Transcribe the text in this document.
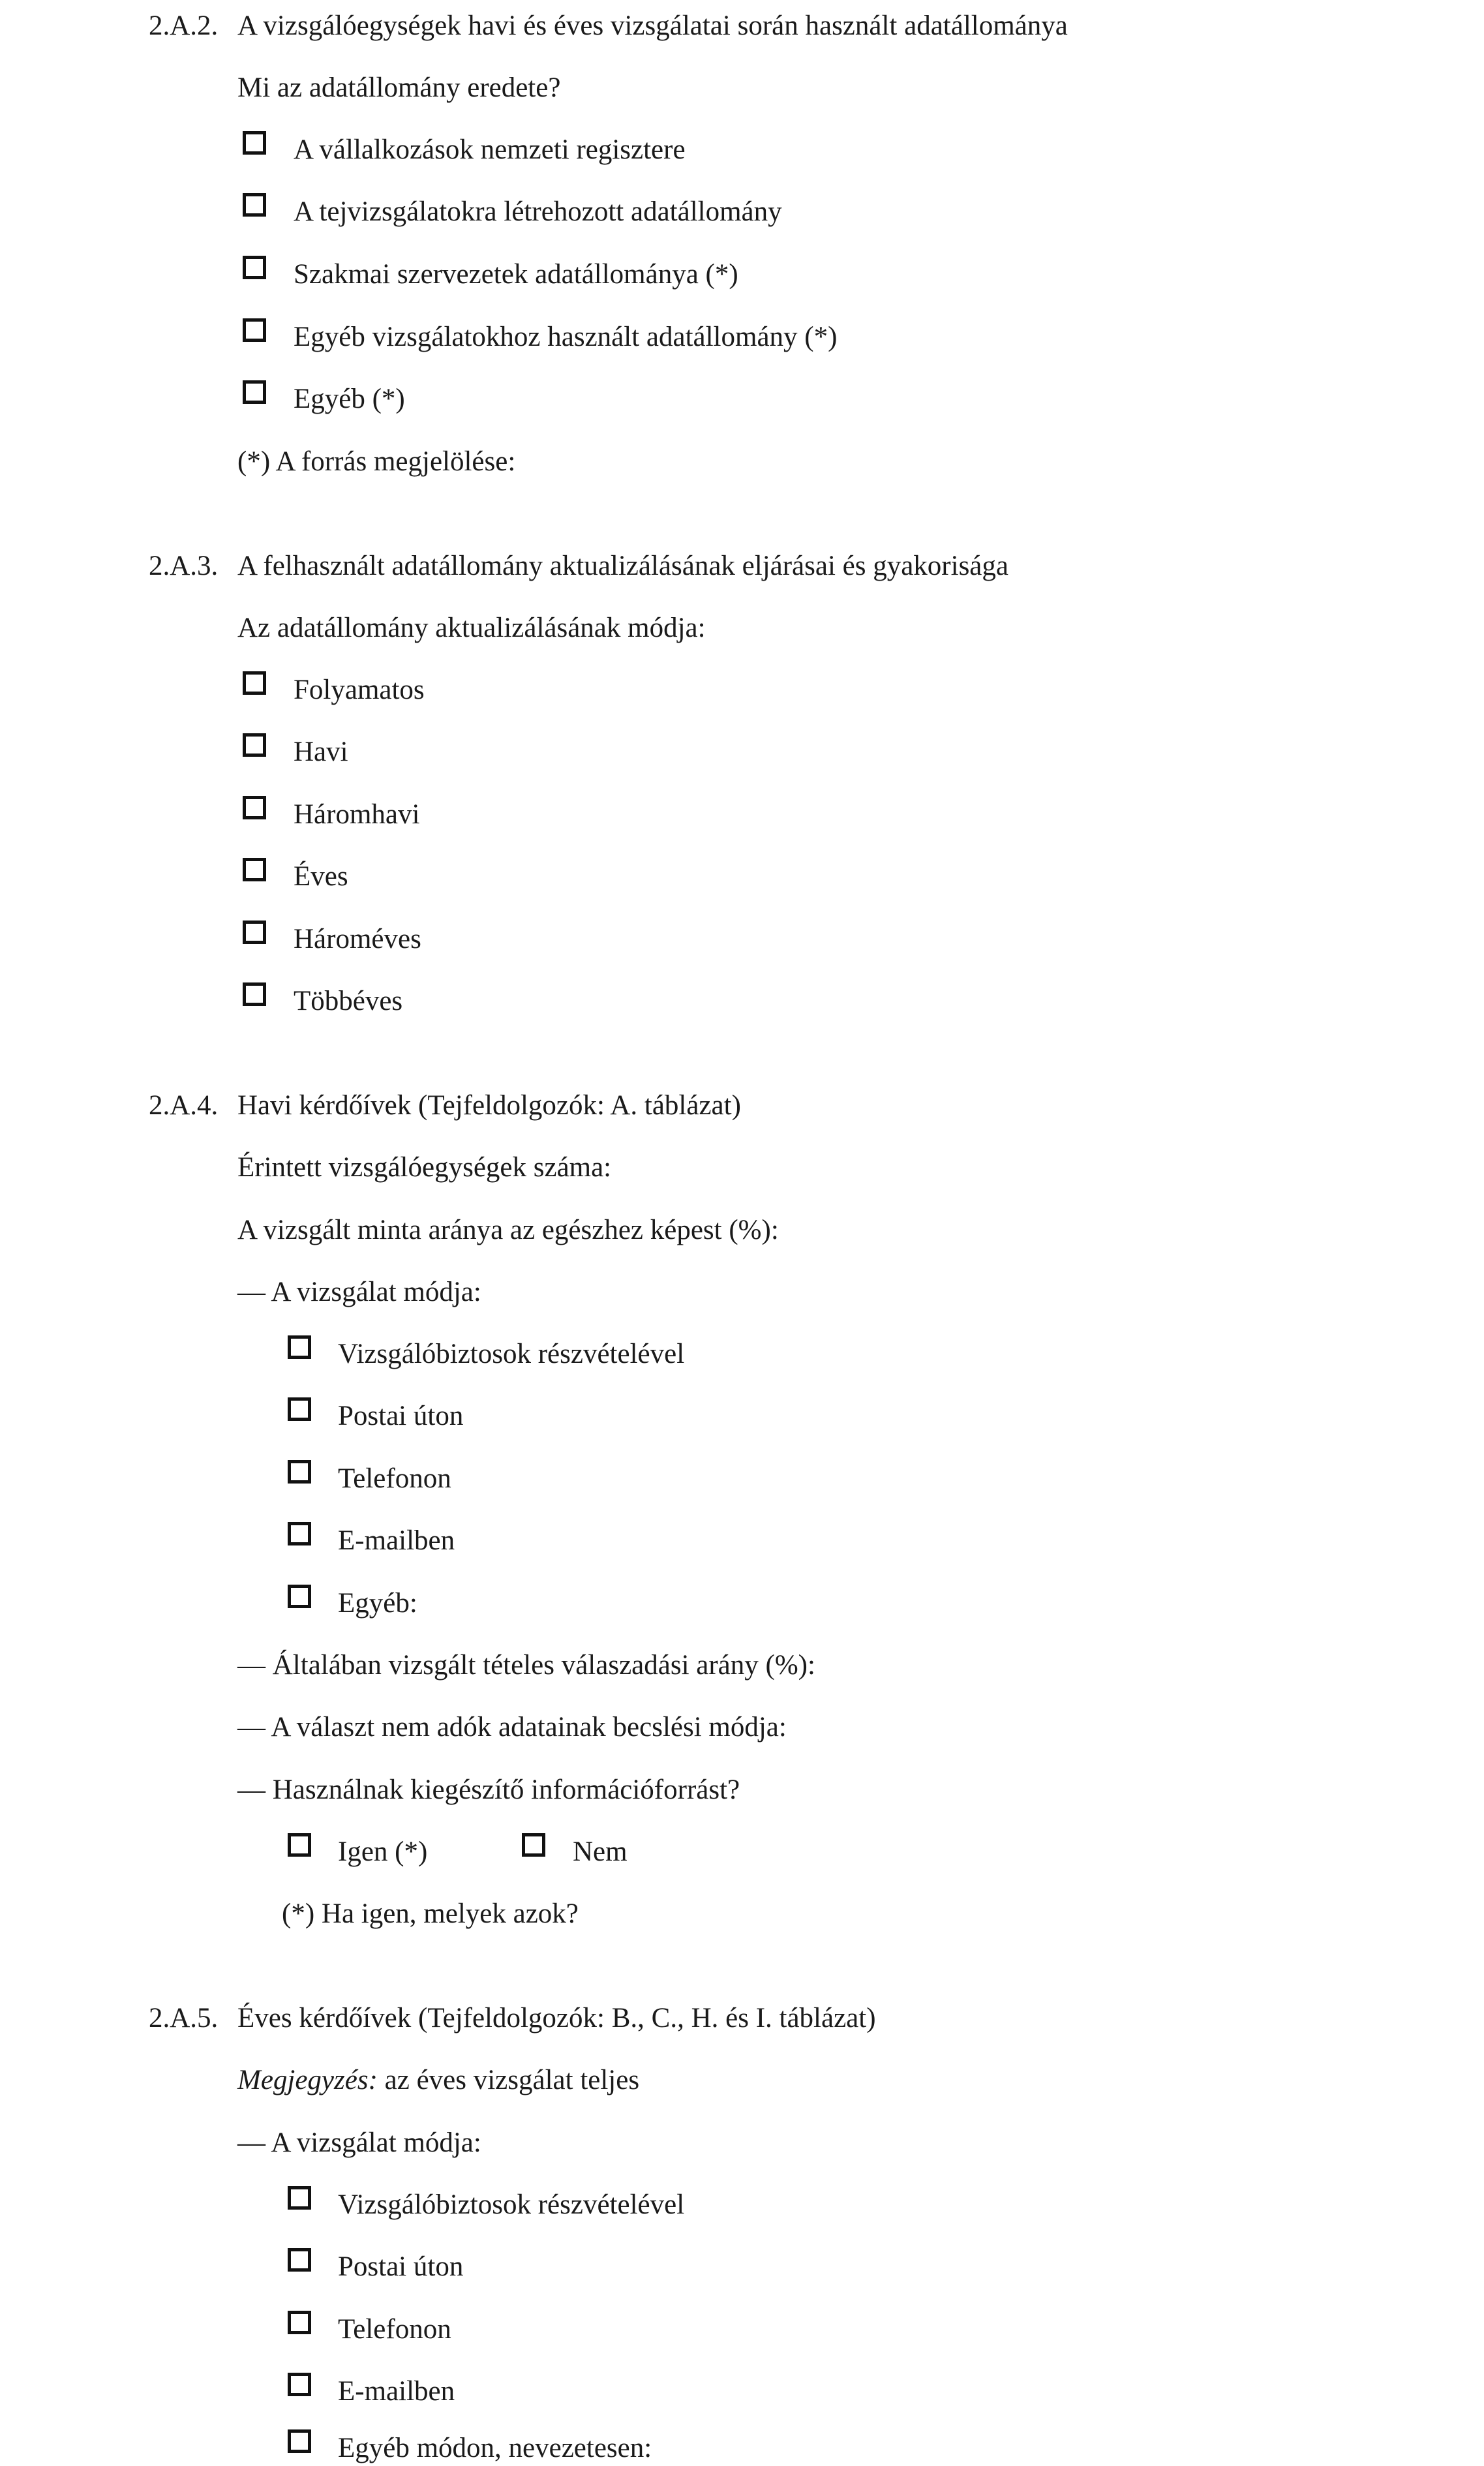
2.A.2. A vizsgálóegységek havi és éves vizsgálatai során használt adatállománya
Mi az adatállomány eredete?
A vállalkozások nemzeti regisztere
A tejvizsgálatokra létrehozott adatállomány
Szakmai szervezetek adatállománya (*)
Egyéb vizsgálatokhoz használt adatállomány (*)
Egyéb (*)
(*) A forrás megjelölése:
2.A.3. A felhasznált adatállomány aktualizálásának eljárásai és gyakorisága
Az adatállomány aktualizálásának módja:
Folyamatos
Havi
Háromhavi
Éves
Hároméves
Többéves
2.A.4. Havi kérdőívek (Tejfeldolgozók: A. táblázat)
Érintett vizsgálóegységek száma:
A vizsgált minta aránya az egészhez képest (%):
— A vizsgálat módja:
Vizsgálóbiztosok részvételével
Postai úton
Telefonon
E-mailben
Egyéb:
— Általában vizsgált tételes válaszadási arány (%):
— A választ nem adók adatainak becslési módja:
— Használnak kiegészítő információforrást?
Igen (*)	Nem
(*) Ha igen, melyek azok?
2.A.5. Éves kérdőívek (Tejfeldolgozók: B., C., H. és I. táblázat)
Megjegyzés: az éves vizsgálat teljes
— A vizsgálat módja:
Vizsgálóbiztosok részvételével
Postai úton
Telefonon
E-mailben
Egyéb módon, nevezetesen:
